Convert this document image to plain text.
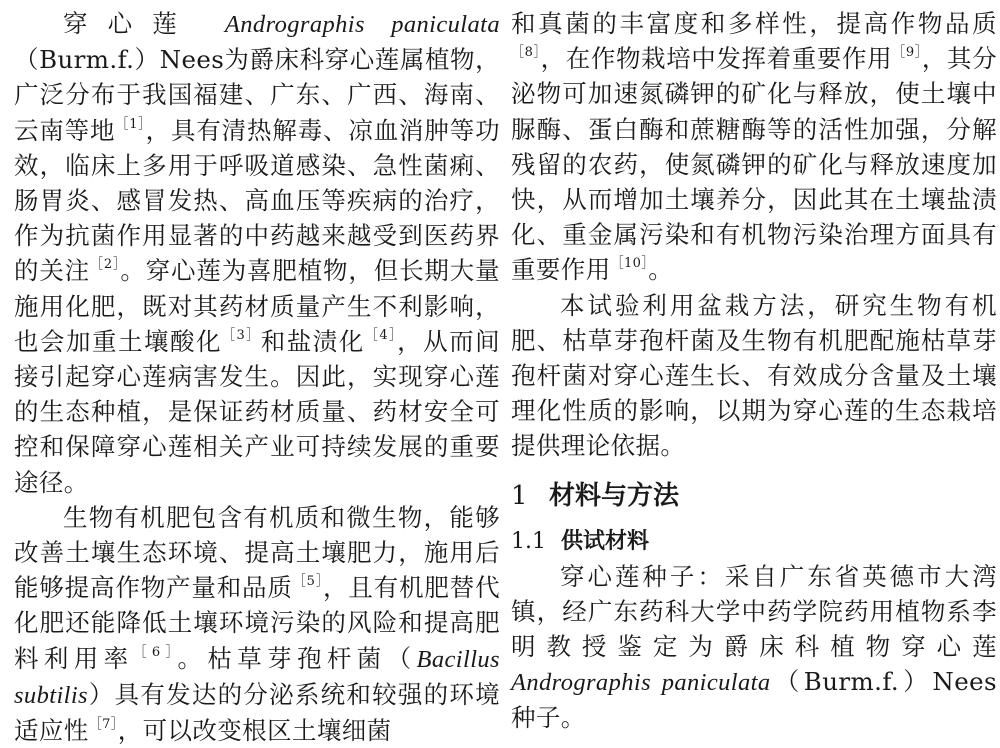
穿心莲 Andrographis paniculata（Burm.f.）Nees为爵床科穿心莲属植物，广泛分布于我国福建、广东、广西、海南、云南等地$^{[1]}$，具有清热解毒、凉血消肿等功效，临床上多用于呼吸道感染、急性菌痢、肠胃炎、感冒发热、高血压等疾病的治疗，作为抗菌作用显著的中药越来越受到医药界的关注$^{[2]}$。穿心莲为喜肥植物，但长期大量施用化肥，既对其药材质量产生不利影响，也会加重土壤酸化$^{[3]}$和盐渍化$^{[4]}$，从而间接引起穿心莲病害发生。因此，实现穿心莲的生态种植，是保证药材质量、药材安全可控和保障穿心莲相关产业可持续发展的重要途径。

生物有机肥包含有机质和微生物，能够改善土壤生态环境、提高土壤肥力，施用后能够提高作物产量和品质$^{[5]}$，且有机肥替代化肥还能降低土壤环境污染的风险和提高肥料利用率$^{[6]}$。枯草芽孢杆菌（Bacillus subtilis）具有发达的分泌系统和较强的环境适应性$^{[7]}$，可以改变根区土壤细菌

和真菌的丰富度和多样性，提高作物品质$^{[8]}$，在作物栽培中发挥着重要作用$^{[9]}$，其分泌物可加速氮磷钾的矿化与释放，使土壤中脲酶、蛋白酶和蔗糖酶等的活性加强，分解残留的农药，使氮磷钾的矿化与释放速度加快，从而增加土壤养分，因此其在土壤盐渍化、重金属污染和有机物污染治理方面具有重要作用$^{[10]}$。

本试验利用盆栽方法，研究生物有机肥、枯草芽孢杆菌及生物有机肥配施枯草芽孢杆菌对穿心莲生长、有效成分含量及土壤理化性质的影响，以期为穿心莲的生态栽培提供理论依据。

1 材料与方法
1.1 供试材料

穿心莲种子：采自广东省英德市大湾镇，经广东药科大学中药学院药用植物系李明教授鉴定为爵床科植物穿心莲 Andrographis paniculata（Burm.f.）Nees 种子。
